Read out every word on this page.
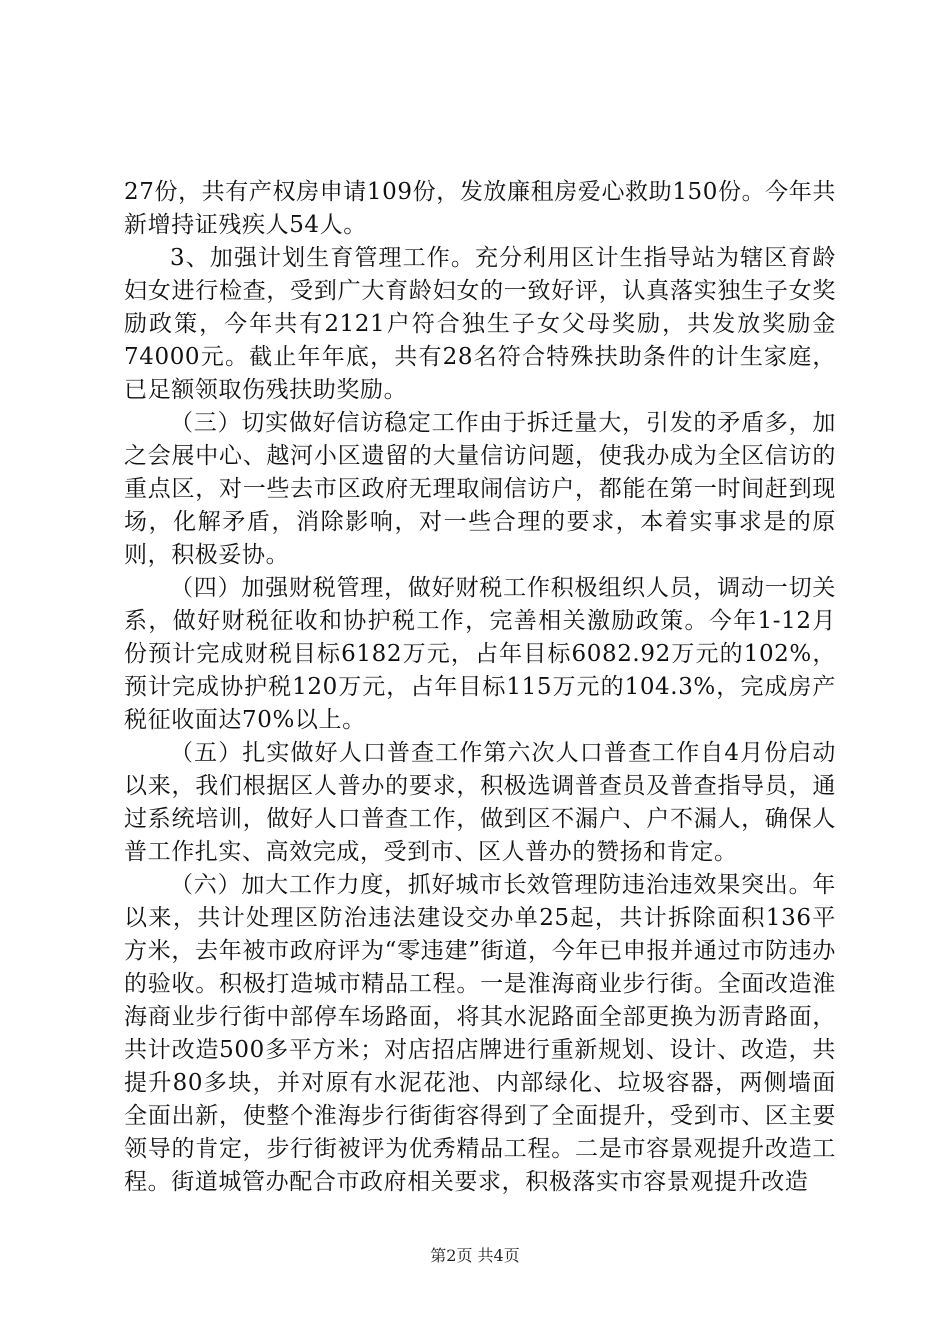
27份，共有产权房申请109份，发放廉租房爱心救助150份。今年共新增持证残疾人54人。

3、加强计划生育管理工作。充分利用区计生指导站为辖区育龄妇女进行检查，受到广大育龄妇女的一致好评，认真落实独生子女奖励政策，今年共有2121户符合独生子女父母奖励，共发放奖励金74000元。截止年年底，共有28名符合特殊扶助条件的计生家庭，已足额领取伤残扶助奖励。

（三）切实做好信访稳定工作由于拆迁量大，引发的矛盾多，加之会展中心、越河小区遗留的大量信访问题，使我办成为全区信访的重点区，对一些去市区政府无理取闹信访户，都能在第一时间赶到现场，化解矛盾，消除影响，对一些合理的要求，本着实事求是的原则，积极妥协。

（四）加强财税管理，做好财税工作积极组织人员，调动一切关系，做好财税征收和协护税工作，完善相关激励政策。今年1-12月份预计完成财税目标6182万元，占年目标6082.92万元的102%，预计完成协护税120万元，占年目标115万元的104.3%，完成房产税征收面达70%以上。

（五）扎实做好人口普查工作第六次人口普查工作自4月份启动以来，我们根据区人普办的要求，积极选调普查员及普查指导员，通过系统培训，做好人口普查工作，做到区不漏户、户不漏人，确保人普工作扎实、高效完成，受到市、区人普办的赞扬和肯定。

（六）加大工作力度，抓好城市长效管理防违治违效果突出。年以来，共计处理区防治违法建设交办单25起，共计拆除面积136平方米，去年被市政府评为“零违建”街道，今年已申报并通过市防违办的验收。积极打造城市精品工程。一是淮海商业步行街。全面改造淮海商业步行街中部停车场路面，将其水泥路面全部更换为沥青路面，共计改造500多平方米；对店招店牌进行重新规划、设计、改造，共提升80多块，并对原有水泥花池、内部绿化、垃圾容器，两侧墙面全面出新，使整个淮海步行街街容得到了全面提升，受到市、区主要领导的肯定，步行街被评为优秀精品工程。二是市容景观提升改造工程。街道城管办配合市政府相关要求，积极落实市容景观提升改造

第2页 共4页
